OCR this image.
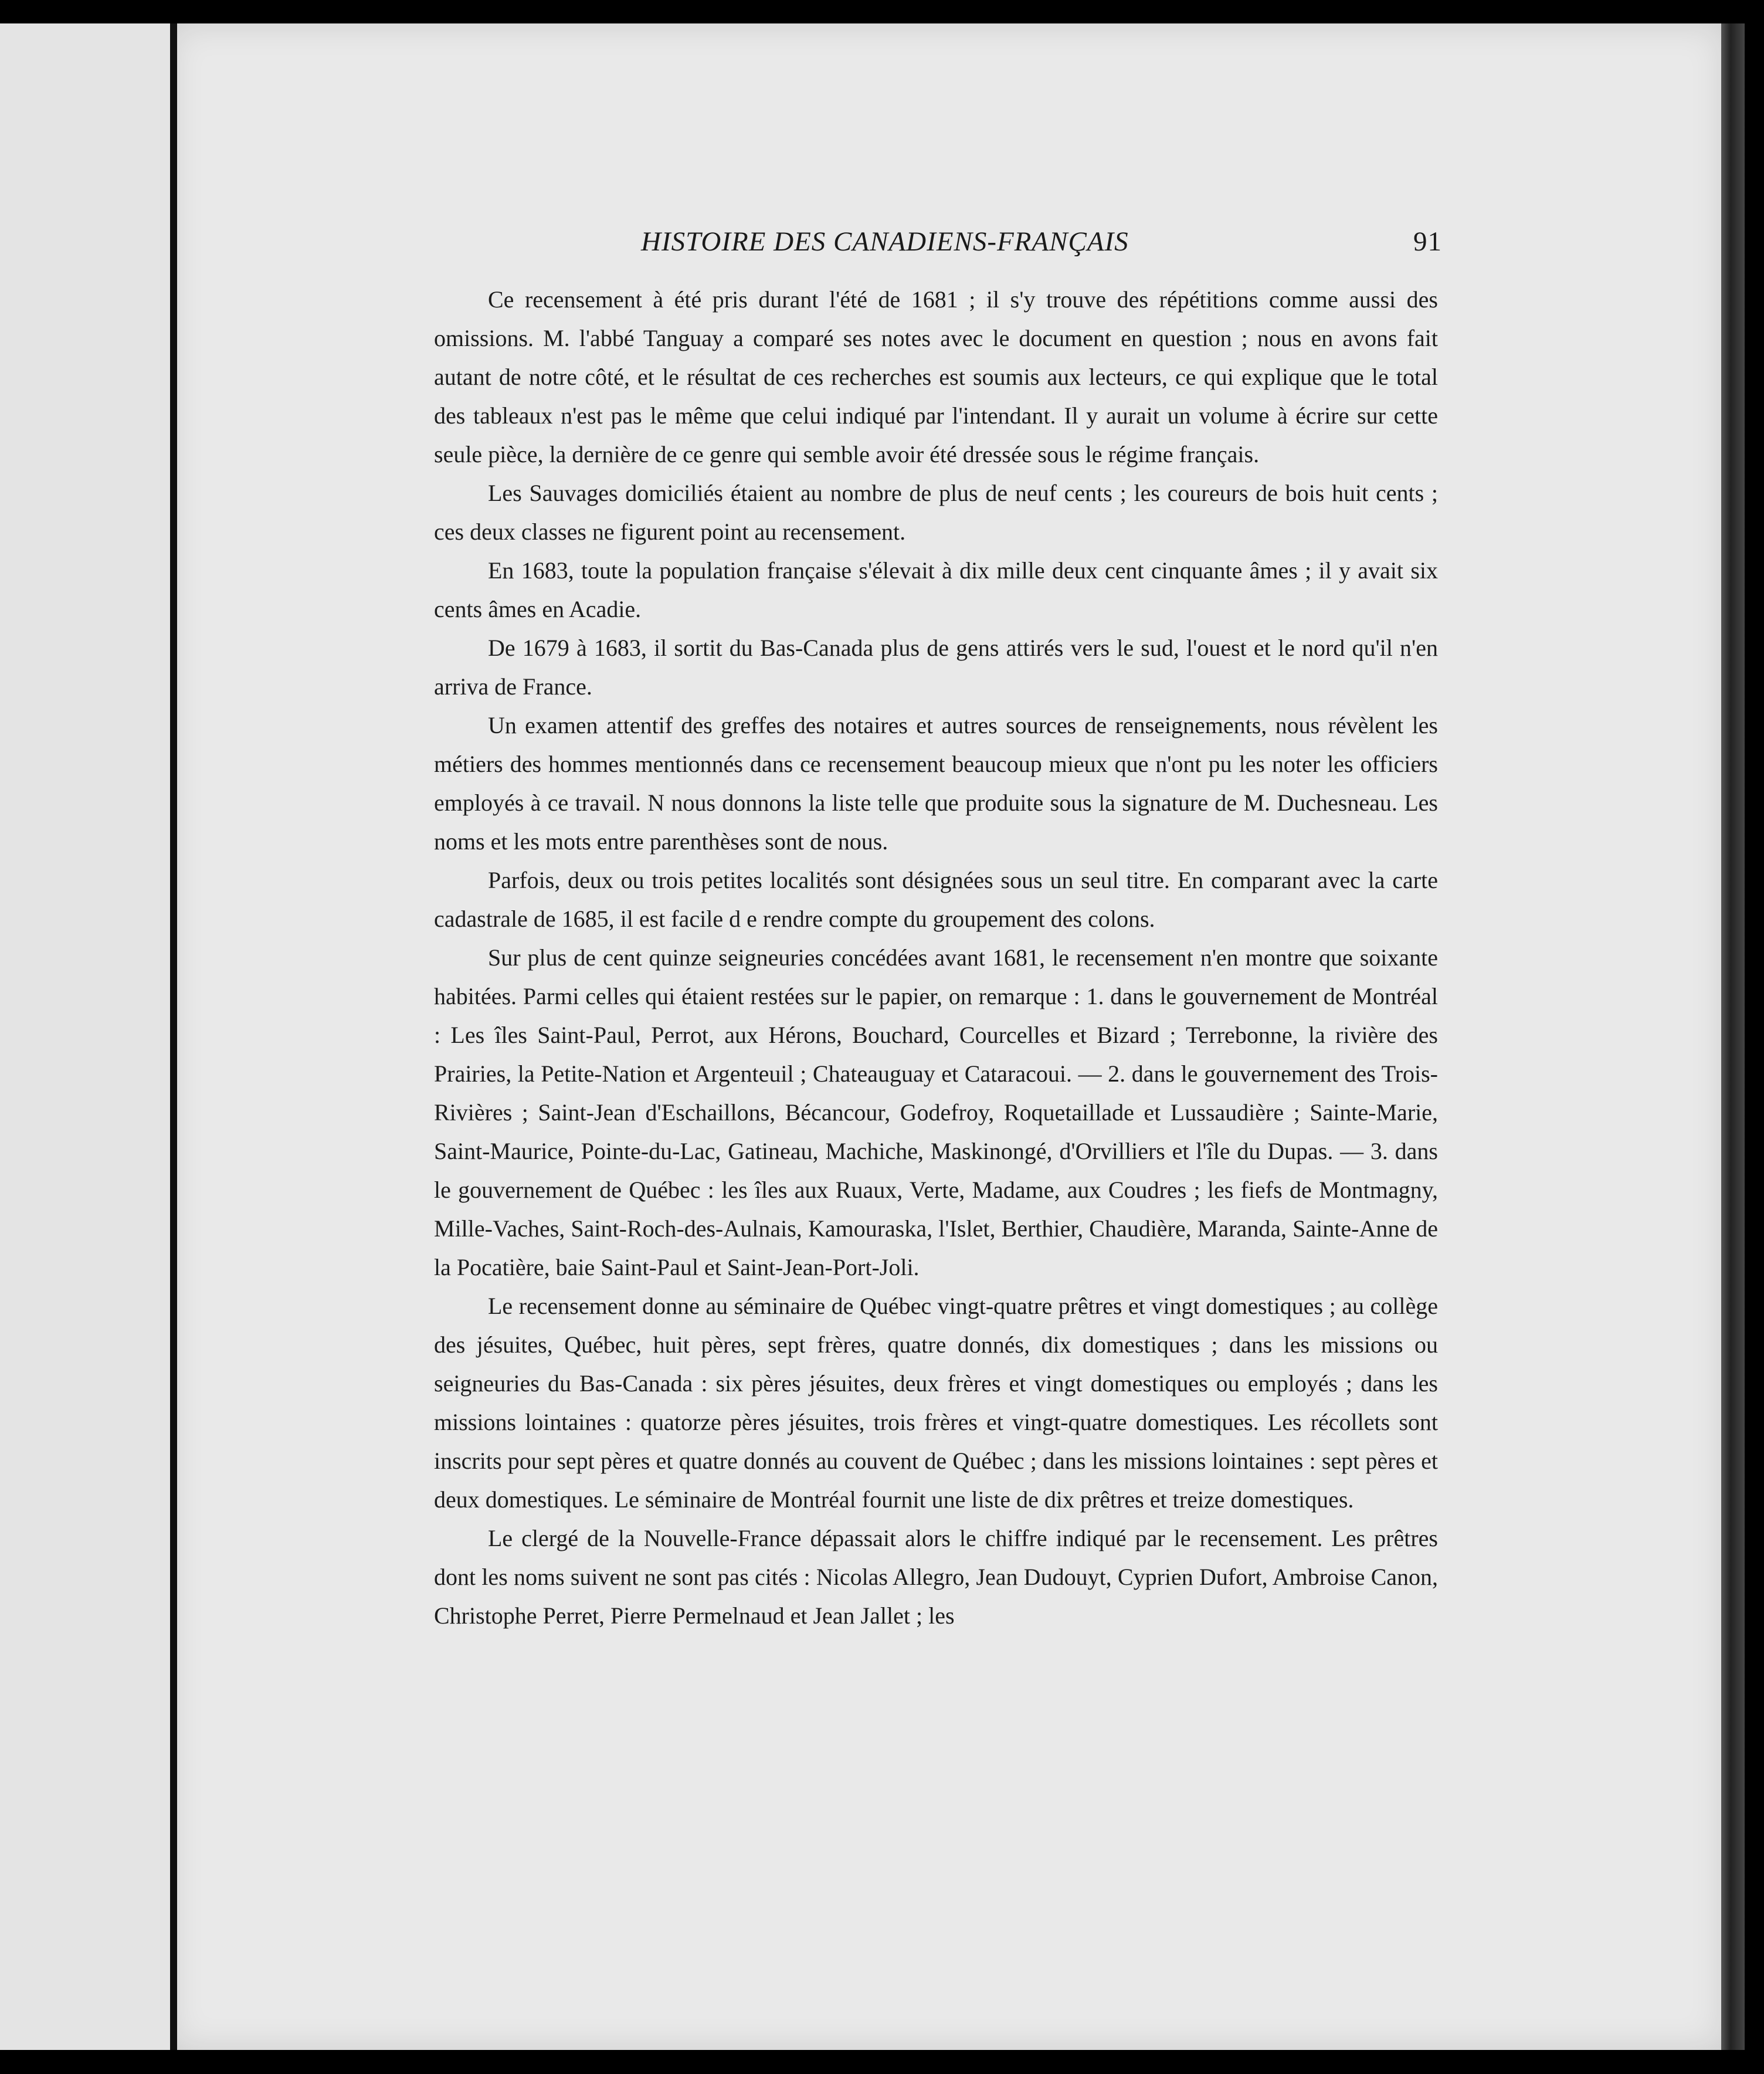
HISTOIRE DES CANADIENS-FRANÇAIS	91

Ce recensement à été pris durant l'été de 1681 ; il s'y trouve des répétitions comme aussi des omissions. M. l'abbé Tanguay a comparé ses notes avec le document en question ; nous en avons fait autant de notre côté, et le résultat de ces recherches est soumis aux lecteurs, ce qui explique que le total des tableaux n'est pas le même que celui indiqué par l'intendant. Il y aurait un volume à écrire sur cette seule pièce, la dernière de ce genre qui semble avoir été dressée sous le régime français.

Les Sauvages domiciliés étaient au nombre de plus de neuf cents ; les coureurs de bois huit cents ; ces deux classes ne figurent point au recensement.

En 1683, toute la population française s'élevait à dix mille deux cent cinquante âmes ; il y avait six cents âmes en Acadie.

De 1679 à 1683, il sortit du Bas-Canada plus de gens attirés vers le sud, l'ouest et le nord qu'il n'en arriva de France.

Un examen attentif des greffes des notaires et autres sources de renseignements, nous révèlent les métiers des hommes mentionnés dans ce recensement beaucoup mieux que n'ont pu les noter les officiers employés à ce travail. N nous donnons la liste telle que produite sous la signature de M. Duchesneau. Les noms et les mots entre parenthèses sont de nous.

Parfois, deux ou trois petites localités sont désignées sous un seul titre. En comparant avec la carte cadastrale de 1685, il est facile d e rendre compte du groupement des colons.

Sur plus de cent quinze seigneuries concédées avant 1681, le recensement n'en montre que soixante habitées. Parmi celles qui étaient restées sur le papier, on remarque : 1. dans le gouvernement de Montréal : Les îles Saint-Paul, Perrot, aux Hérons, Bouchard, Courcelles et Bizard ; Terrebonne, la rivière des Prairies, la Petite-Nation et Argenteuil ; Chateauguay et Cataracoui. — 2. dans le gouvernement des Trois-Rivières ; Saint-Jean d'Eschaillons, Bécancour, Godefroy, Roquetaillade et Lussaudière ; Sainte-Marie, Saint-Maurice, Pointe-du-Lac, Gatineau, Machiche, Maskinongé, d'Orvilliers et l'île du Dupas. — 3. dans le gouvernement de Québec : les îles aux Ruaux, Verte, Madame, aux Coudres ; les fiefs de Montmagny, Mille-Vaches, Saint-Roch-des-Aulnais, Kamouraska, l'Islet, Berthier, Chaudière, Maranda, Sainte-Anne de la Pocatière, baie Saint-Paul et Saint-Jean-Port-Joli.

Le recensement donne au séminaire de Québec vingt-quatre prêtres et vingt domestiques ; au collège des jésuites, Québec, huit pères, sept frères, quatre donnés, dix domestiques ; dans les missions ou seigneuries du Bas-Canada : six pères jésuites, deux frères et vingt domestiques ou employés ; dans les missions lointaines : quatorze pères jésuites, trois frères et vingt-quatre domestiques. Les récollets sont inscrits pour sept pères et quatre donnés au couvent de Québec ; dans les missions lointaines : sept pères et deux domestiques. Le séminaire de Montréal fournit une liste de dix prêtres et treize domestiques.

Le clergé de la Nouvelle-France dépassait alors le chiffre indiqué par le recensement. Les prêtres dont les noms suivent ne sont pas cités : Nicolas Allegro, Jean Dudouyt, Cyprien Dufort, Ambroise Canon, Christophe Perret, Pierre Permelnaud et Jean Jallet ; les
